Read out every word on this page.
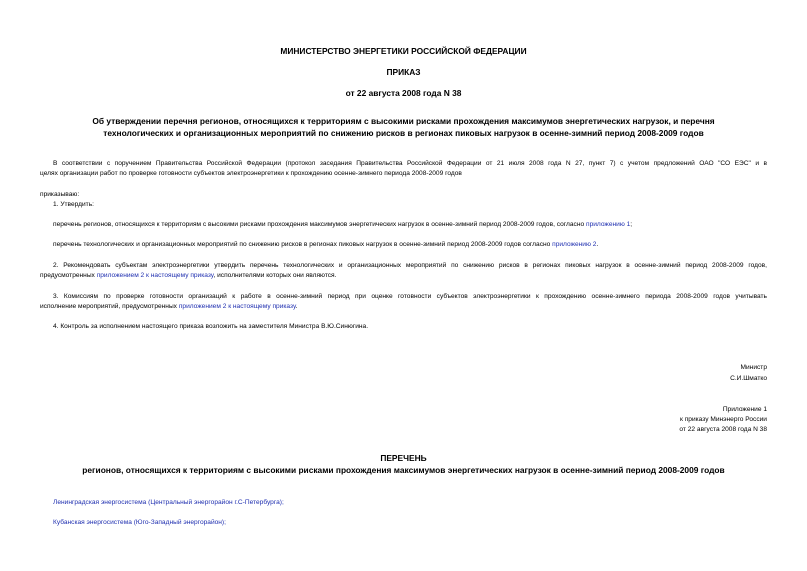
МИНИСТЕРСТВО ЭНЕРГЕТИКИ РОССИЙСКОЙ ФЕДЕРАЦИИ
ПРИКАЗ
от 22 августа 2008 года N 38
Об утверждении перечня регионов, относящихся к территориям с высокими рисками прохождения максимумов энергетических нагрузок, и перечня
технологических и организационных мероприятий по снижению рисков в регионах пиковых нагрузок в осенне-зимний период 2008-2009 годов
В соответствии с поручением Правительства Российской Федерации (протокол заседания Правительства Российской Федерации от 21 июля 2008 года N 27, пункт 7) с учетом предложений ОАО "СО ЕЭС" и в
целях организации работ по проверке готовности субъектов электроэнергетики к прохождению осенне-зимнего периода 2008-2009 годов
приказываю:
1. Утвердить:
перечень регионов, относящихся к территориям с высокими рисками прохождения максимумов энергетических нагрузок в осенне-зимний период 2008-2009 годов, согласно приложению 1;
перечень технологических и организационных мероприятий по снижению рисков в регионах пиковых нагрузок в осенне-зимний период 2008-2009 годов согласно приложению 2.
2. Рекомендовать субъектам электроэнергетики утвердить перечень технологических и организационных мероприятий по снижению рисков в регионах пиковых нагрузок в осенне-зимний период 2008-2009 годов,
предусмотренных приложением 2 к настоящему приказу, исполнителями которых они являются.
3. Комиссиям по проверке готовности организаций к работе в осенне-зимний период при оценке готовности субъектов электроэнергетики к прохождению осенне-зимнего периода 2008-2009 годов учитывать
исполнение мероприятий, предусмотренных приложением 2 к настоящему приказу.
4. Контроль за исполнением настоящего приказа возложить на заместителя Министра В.Ю.Синюгина.
Министр
С.И.Шматко
Приложение 1
к приказу Минэнерго России
от 22 августа 2008 года N 38
ПЕРЕЧЕНЬ
регионов, относящихся к территориям с высокими рисками прохождения максимумов энергетических нагрузок в осенне-зимний период 2008-2009 годов
Ленинградская энергосистема (Центральный энергорайон г.С-Петербурга);
Кубанская энергосистема (Юго-Западный энергорайон);
